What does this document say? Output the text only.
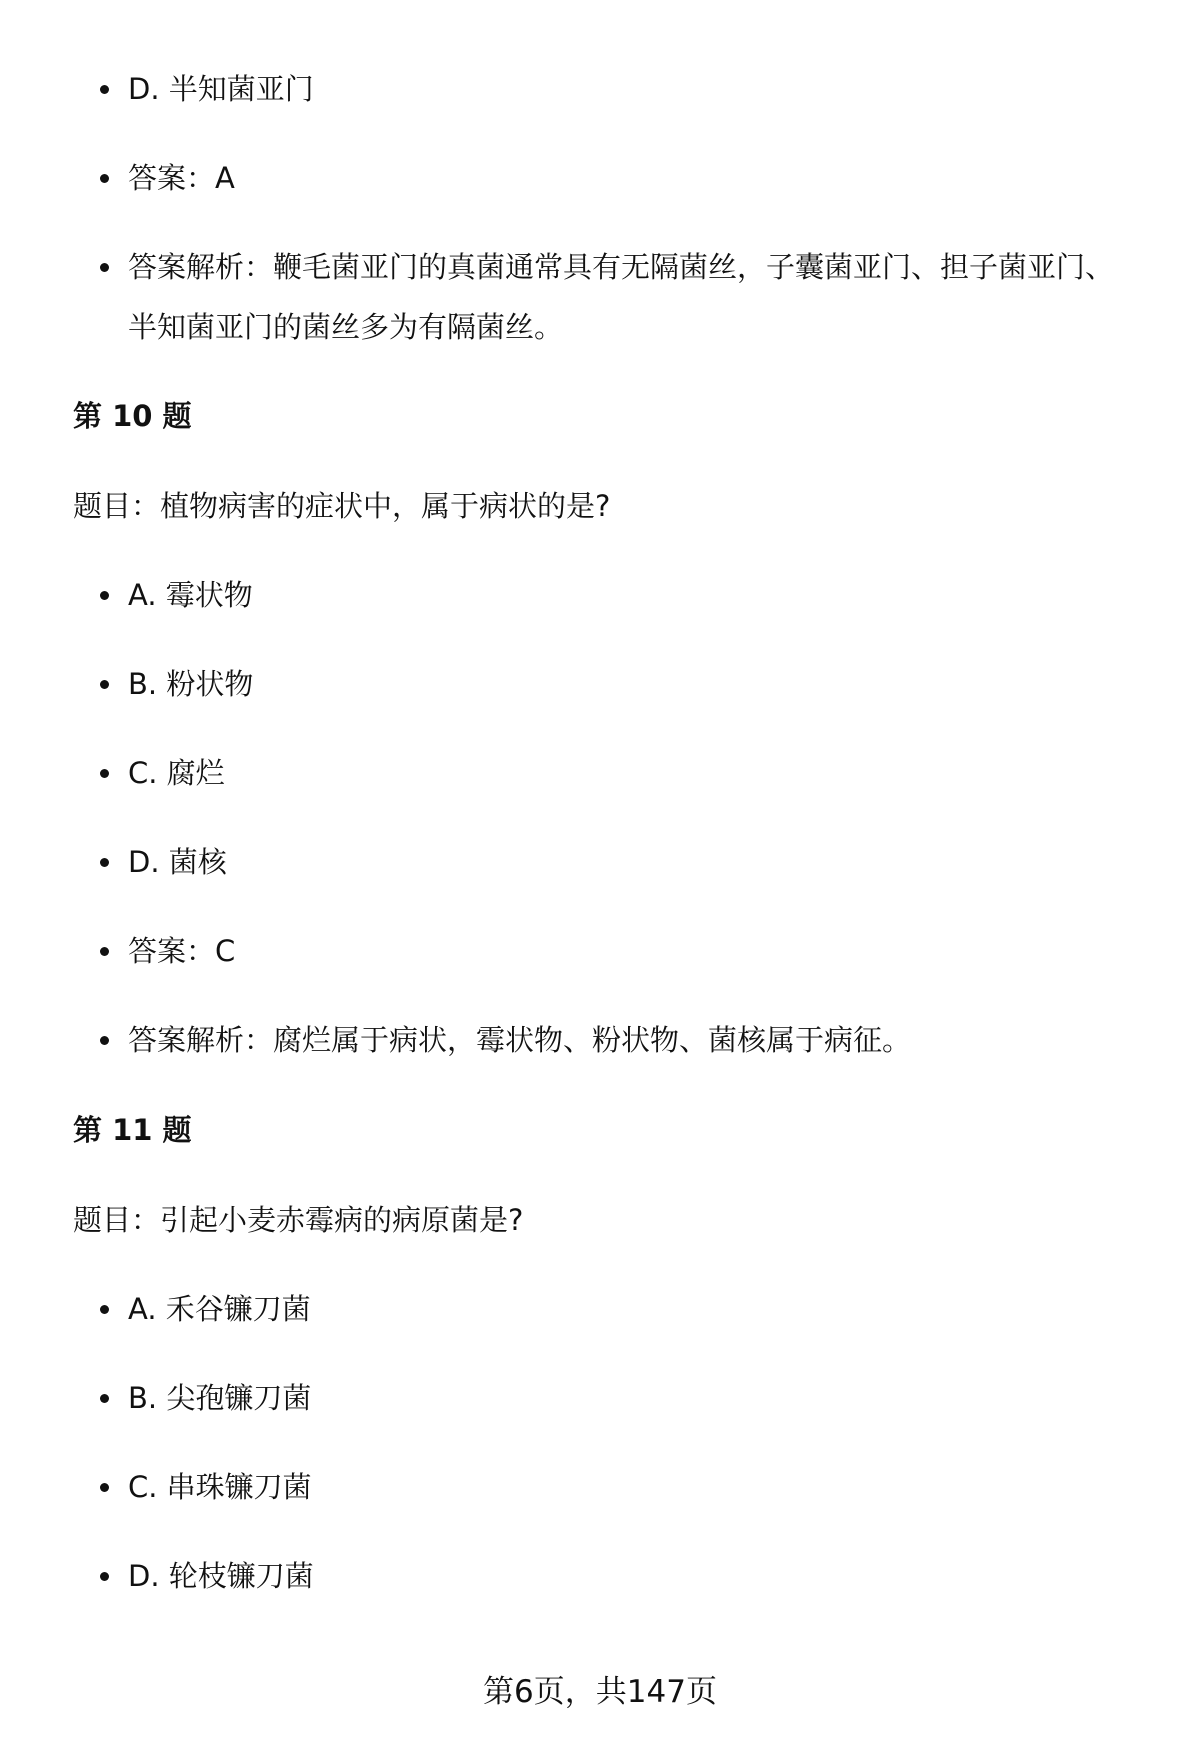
D. 半知菌亚门
答案：A
答案解析：鞭毛菌亚门的真菌通常具有无隔菌丝，子囊菌亚门、担子菌亚门、半知菌亚门的菌丝多为有隔菌丝。
第 10 题
题目：植物病害的症状中，属于病状的是?
A. 霉状物
B. 粉状物
C. 腐烂
D. 菌核
答案：C
答案解析：腐烂属于病状，霉状物、粉状物、菌核属于病征。
第 11 题
题目：引起小麦赤霉病的病原菌是?
A. 禾谷镰刀菌
B. 尖孢镰刀菌
C. 串珠镰刀菌
D. 轮枝镰刀菌
第6页，共147页
